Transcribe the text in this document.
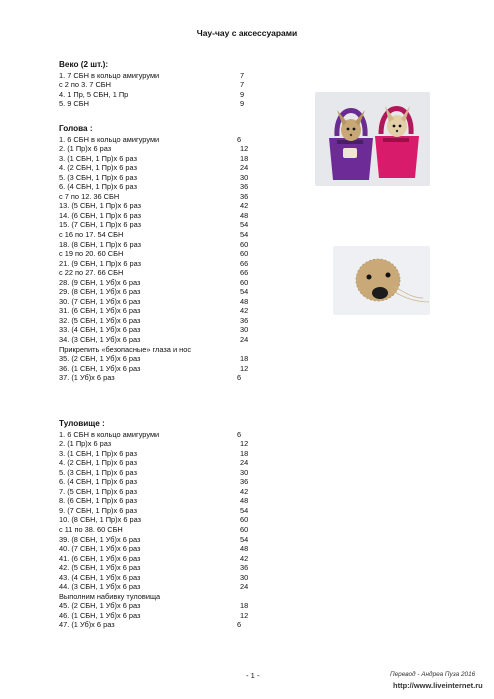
Чау-чау с аксессуарами
Веко (2 шт.):
1. 7 СБН в кольцо амигуруми	7
с 2 по 3. 7 СБН	7
4. 1 Пр, 5 СБН, 1 Пр	9
5. 9 СБН	9
Голова :
1. 6 СБН в кольцо амигуруми	6
2. (1 Пр)х 6 раз	12
3. (1 СБН, 1 Пр)х 6 раз	18
4. (2 СБН, 1 Пр)х 6 раз	24
5. (3 СБН, 1 Пр)х 6 раз	30
6. (4 СБН, 1 Пр)х 6 раз	36
с 7 по 12. 36 СБН	36
13. (5 СБН, 1 Пр)х 6 раз	42
14. (6 СБН, 1 Пр)х 6 раз	48
15. (7 СБН, 1 Пр)х 6 раз	54
с 16 по 17. 54 СБН	54
18. (8 СБН, 1 Пр)х 6 раз	60
с 19 по 20. 60 СБН	60
21. (9 СБН, 1 Пр)х 6 раз	66
с 22 по 27. 66 СБН	66
28. (9 СБН, 1 Уб)х 6 раз	60
29. (8 СБН, 1 Уб)х 6 раз	54
30. (7 СБН, 1 Уб)х 6 раз	48
31. (6 СБН, 1 Уб)х 6 раз	42
32. (5 СБН, 1 Уб)х 6 раз	36
33. (4 СБН, 1 Уб)х 6 раз	30
34. (3 СБН, 1 Уб)х 6 раз	24
Прикрепить «безопасные» глаза и нос
35. (2 СБН, 1 Уб)х 6 раз	18
36. (1 СБН, 1 Уб)х 6 раз	12
37. (1 Уб)х 6 раз	6
Туловище :
1. 6 СБН в кольцо амигуруми	6
2. (1 Пр)х 6 раз	12
3. (1 СБН, 1 Пр)х 6 раз	18
4. (2 СБН, 1 Пр)х 6 раз	24
5. (3 СБН, 1 Пр)х 6 раз	30
6. (4 СБН, 1 Пр)х 6 раз	36
7. (5 СБН, 1 Пр)х 6 раз	42
8. (6 СБН, 1 Пр)х 6 раз	48
9. (7 СБН, 1 Пр)х 6 раз	54
10. (8 СБН, 1 Пр)х 6 раз	60
с 11 по 38. 60 СБН	60
39. (8 СБН, 1 Уб)х 6 раз	54
40. (7 СБН, 1 Уб)х 6 раз	48
41. (6 СБН, 1 Уб)х 6 раз	42
42. (5 СБН, 1 Уб)х 6 раз	36
43. (4 СБН, 1 Уб)х 6 раз	30
44. (3 СБН, 1 Уб)х 6 раз	24
Выполним набивку туловища
45. (2 СБН, 1 Уб)х 6 раз	18
46. (1 СБН, 1 Уб)х 6 раз	12
47. (1 Уб)х 6 раз	6
- 1 -	Перевод - Андреа Пуза 2016
http://www.liveinternet.ru
